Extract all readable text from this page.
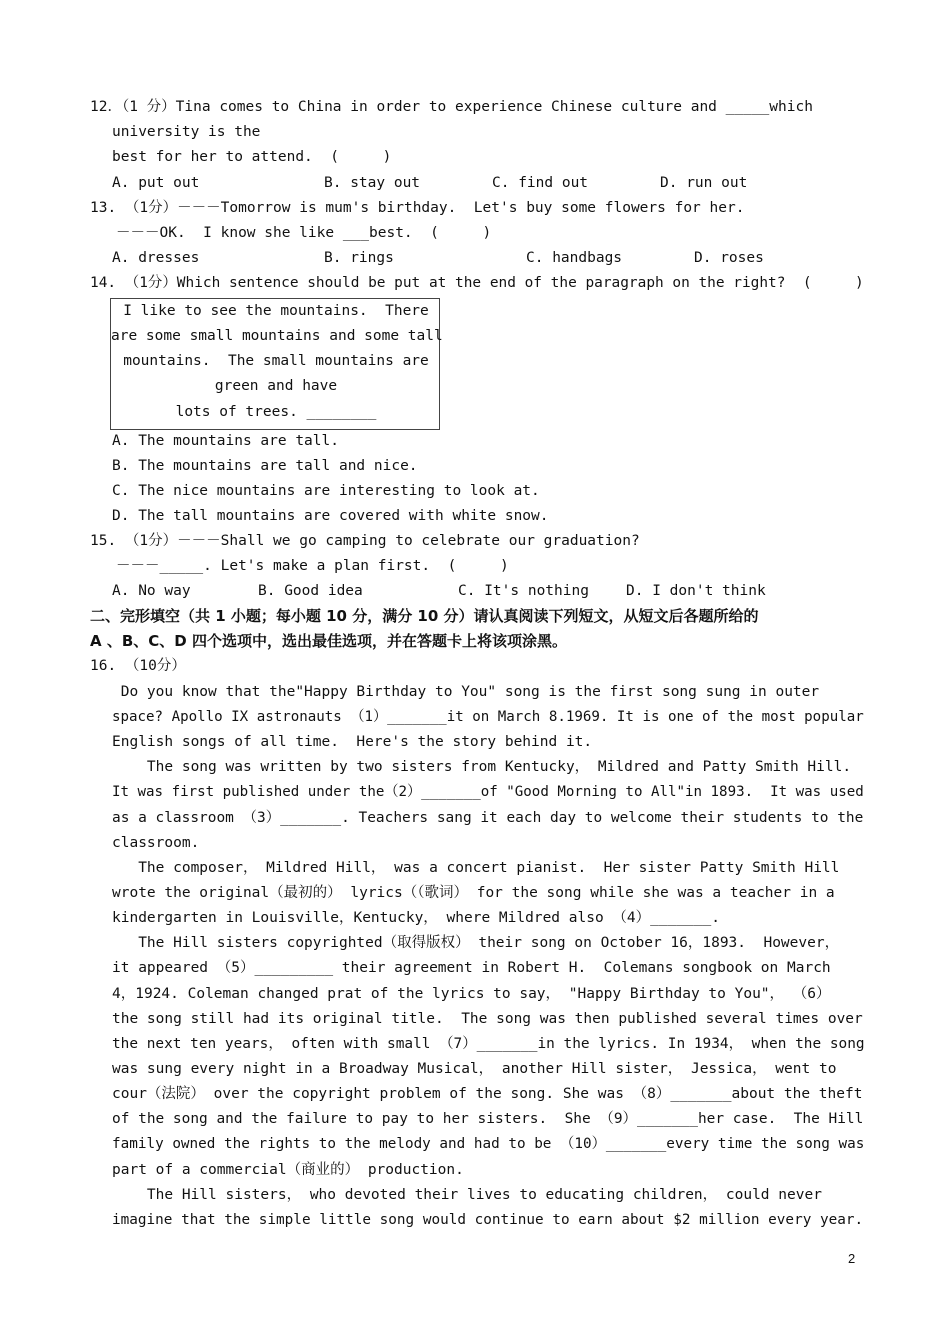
12．（1 分）Tina comes to China in order to experience Chinese culture and _____which
university is the
best for her to attend.  (     )
A. put out	B. stay out	C. find out	D. run out
13. （1分）－－－Tomorrow is mum's birthday.  Let's buy some flowers for her.
－－－OK.  I know she like ___best.  (     )
A. dresses	B. rings	C. handbags	D. roses
14. （1分）Which sentence should be put at the end of the paragraph on the right?  (     )
I like to see the mountains.  There
are some small mountains and some tall
mountains.  The small mountains are
green and have
lots of trees. ________
A. The mountains are tall.
B. The mountains are tall and nice.
C. The nice mountains are interesting to look at.
D. The tall mountains are covered with white snow.
15. （1分）－－－Shall we go camping to celebrate our graduation?
－－－_____. Let's make a plan first.  (     )
A. No way	B. Good idea	C. It's nothing	D. I don't think
二、完形填空（共 1 小题；每小题 10 分，满分 10 分）请认真阅读下列短文，从短文后各题所给的
A 、B、C、D 四个选项中，选出最佳选项，并在答题卡上将该项涂黑。
16. （10分）
Do you know that the"Happy Birthday to You" song is the first song sung in outer
space? Apollo IX astronauts （1）_______it on March 8.1969. It is one of the most popular
English songs of all time.  Here's the story behind it.
The song was written by two sisters from Kentucky， Mildred and Patty Smith Hill.
It was first published under the（2）_______of "Good Morning to All"in 1893.  It was used
as a classroom （3）_______. Teachers sang it each day to welcome their students to the
classroom.
The composer， Mildred Hill， was a concert pianist.  Her sister Patty Smith Hill
wrote the original（最初的） lyrics（（歌词） for the song while she was a teacher in a
kindergarten in Louisville，Kentucky， where Mildred also （4）_______.
The Hill sisters copyrighted（取得版权） their song on October 16，1893.  However，
it appeared （5）_________ their agreement in Robert H.  Colemans songbook on March
4，1924. Coleman changed prat of the lyrics to say， "Happy Birthday to You"， （6）
the song still had its original title.  The song was then published several times over
the next ten years， often with small （7）_______in the lyrics. In 1934， when the song
was sung every night in a Broadway Musical， another Hill sister， Jessica， went to
cour（法院） over the copyright problem of the song. She was （8）_______about the theft
of the song and the failure to pay to her sisters.  She （9）_______her case.  The Hill
family owned the rights to the melody and had to be （10）_______every time the song was
part of a commercial（商业的） production.
The Hill sisters， who devoted their lives to educating children， could never
imagine that the simple little song would continue to earn about $2 million every year.
2
